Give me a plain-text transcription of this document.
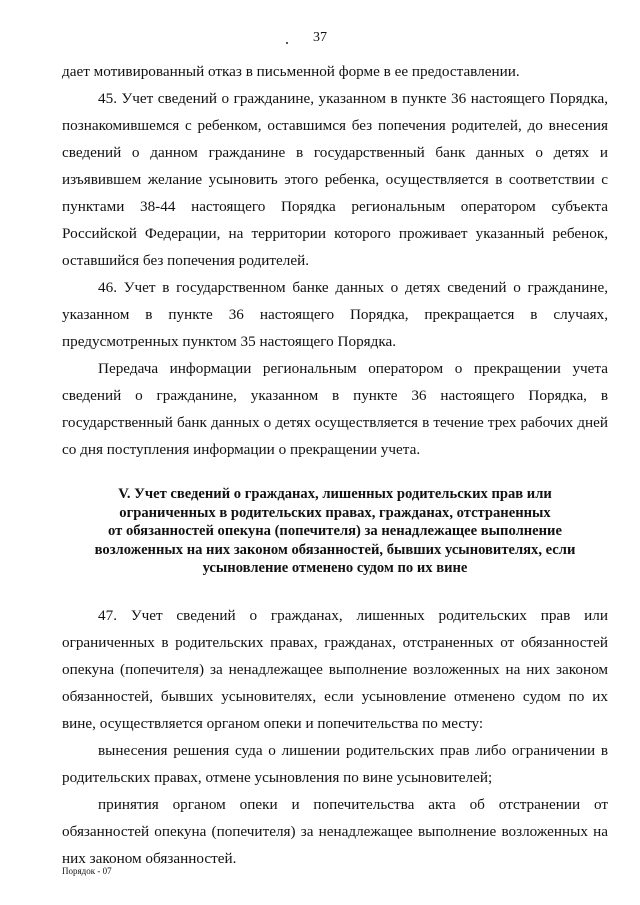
37

дает мотивированный отказ в письменной форме в ее предоставлении.

45. Учет сведений о гражданине, указанном в пункте 36 настоящего Порядка, познакомившемся с ребенком, оставшимся без попечения родителей, до внесения сведений о данном гражданине в государственный банк данных о детях и изъявившем желание усыновить этого ребенка, осуществляется в соответствии с пунктами 38-44 настоящего Порядка региональным оператором субъекта Российской Федерации, на территории которого проживает указанный ребенок, оставшийся без попечения родителей.

46. Учет в государственном банке данных о детях сведений о гражданине, указанном в пункте 36 настоящего Порядка, прекращается в случаях, предусмотренных пунктом 35 настоящего Порядка.

Передача информации региональным оператором о прекращении учета сведений о гражданине, указанном в пункте 36 настоящего Порядка, в государственный банк данных о детях осуществляется в течение трех рабочих дней со дня поступления информации о прекращении учета.

V. Учет сведений о гражданах, лишенных родительских прав или
ограниченных в родительских правах, гражданах, отстраненных
от обязанностей опекуна (попечителя) за ненадлежащее выполнение
возложенных на них законом обязанностей, бывших усыновителях, если
усыновление отменено судом по их вине

47. Учет сведений о гражданах, лишенных родительских прав или ограниченных в родительских правах, гражданах, отстраненных от обязанностей опекуна (попечителя) за ненадлежащее выполнение возложенных на них законом обязанностей, бывших усыновителях, если усыновление отменено судом по их вине, осуществляется органом опеки и попечительства по месту:

вынесения решения суда о лишении родительских прав либо ограничении в родительских правах, отмене усыновления по вине усыновителей;

принятия органом опеки и попечительства акта об отстранении от обязанностей опекуна (попечителя) за ненадлежащее выполнение возложенных на них законом обязанностей.

Порядок - 07
